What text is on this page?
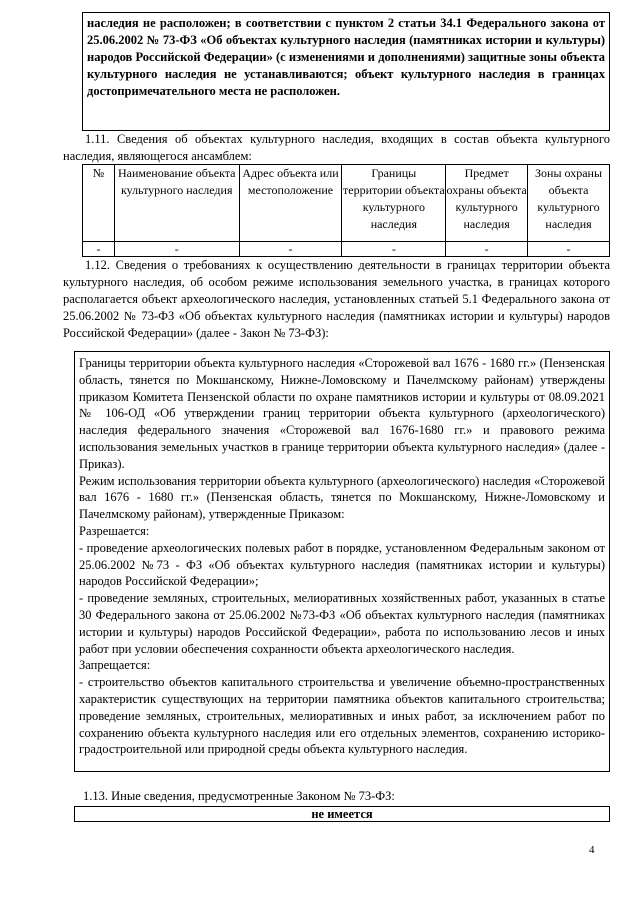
наследия не расположен; в соответствии с пунктом 2 статьи 34.1 Федерального закона от 25.06.2002 № 73-ФЗ «Об объектах культурного наследия (памятниках истории и культуры) народов Российской Федерации» (с изменениями и дополнениями) защитные зоны объекта культурного наследия не устанавливаются; объект культурного наследия в границах достопримечательного места не расположен.
1.11. Сведения об объектах культурного наследия, входящих в состав объекта культурного наследия, являющегося ансамблем:
№	Наименование объекта культурного наследия	Адрес объекта или местоположение	Границы территории объекта культурного наследия	Предмет охраны объекта культурного наследия	Зоны охраны объекта культурного наследия
-	-	-	-	-	-
1.12. Сведения о требованиях к осуществлению деятельности в границах территории объекта культурного наследия, об особом режиме использования земельного участка, в границах которого располагается объект археологического наследия, установленных статьей 5.1 Федерального закона от 25.06.2002 № 73-ФЗ «Об объектах культурного наследия (памятниках истории и культуры) народов Российской Федерации» (далее - Закон № 73-ФЗ):

Границы территории объекта культурного наследия «Сторожевой вал 1676 - 1680 гг.» (Пензенская область, тянется по Мокшанскому, Нижне-Ломовскому и Пачелмскому районам) утверждены приказом Комитета Пензенской области по охране памятников истории и культуры от 08.09.2021 № 106-ОД «Об утверждении границ территории объекта культурного (археологического) наследия федерального значения «Сторожевой вал 1676-1680 гг.» и правового режима использования земельных участков в границе территории объекта культурного наследия» (далее - Приказ).

Режим использования территории объекта культурного (археологического) наследия «Сторожевой вал 1676 - 1680 гг.» (Пензенская область, тянется по Мокшанскому, Нижне-Ломовскому и Пачелмскому районам), утвержденные Приказом:

Разрешается:

- проведение археологических полевых работ в порядке, установленном Федеральным законом от 25.06.2002 №73 - ФЗ «Об объектах культурного наследия (памятниках истории и культуры) народов Российской Федерации»;

- проведение земляных, строительных, мелиоративных хозяйственных работ, указанных в статье 30 Федерального закона от 25.06.2002 №73-ФЗ «Об объектах культурного наследия (памятниках истории и культуры) народов Российской Федерации», работа по использованию лесов и иных работ при условии обеспечения сохранности объекта археологического наследия.

Запрещается:

- строительство объектов капитального строительства и увеличение объемно-пространственных характеристик существующих на территории памятника объектов капитального строительства; проведение земляных, строительных, мелиоративных и иных работ, за исключением работ по сохранению объекта культурного наследия или его отдельных элементов, сохранению историко-градостроительной или природной среды объекта культурного наследия.

1.13. Иные сведения, предусмотренные Законом № 73-ФЗ:
не имеется
4
